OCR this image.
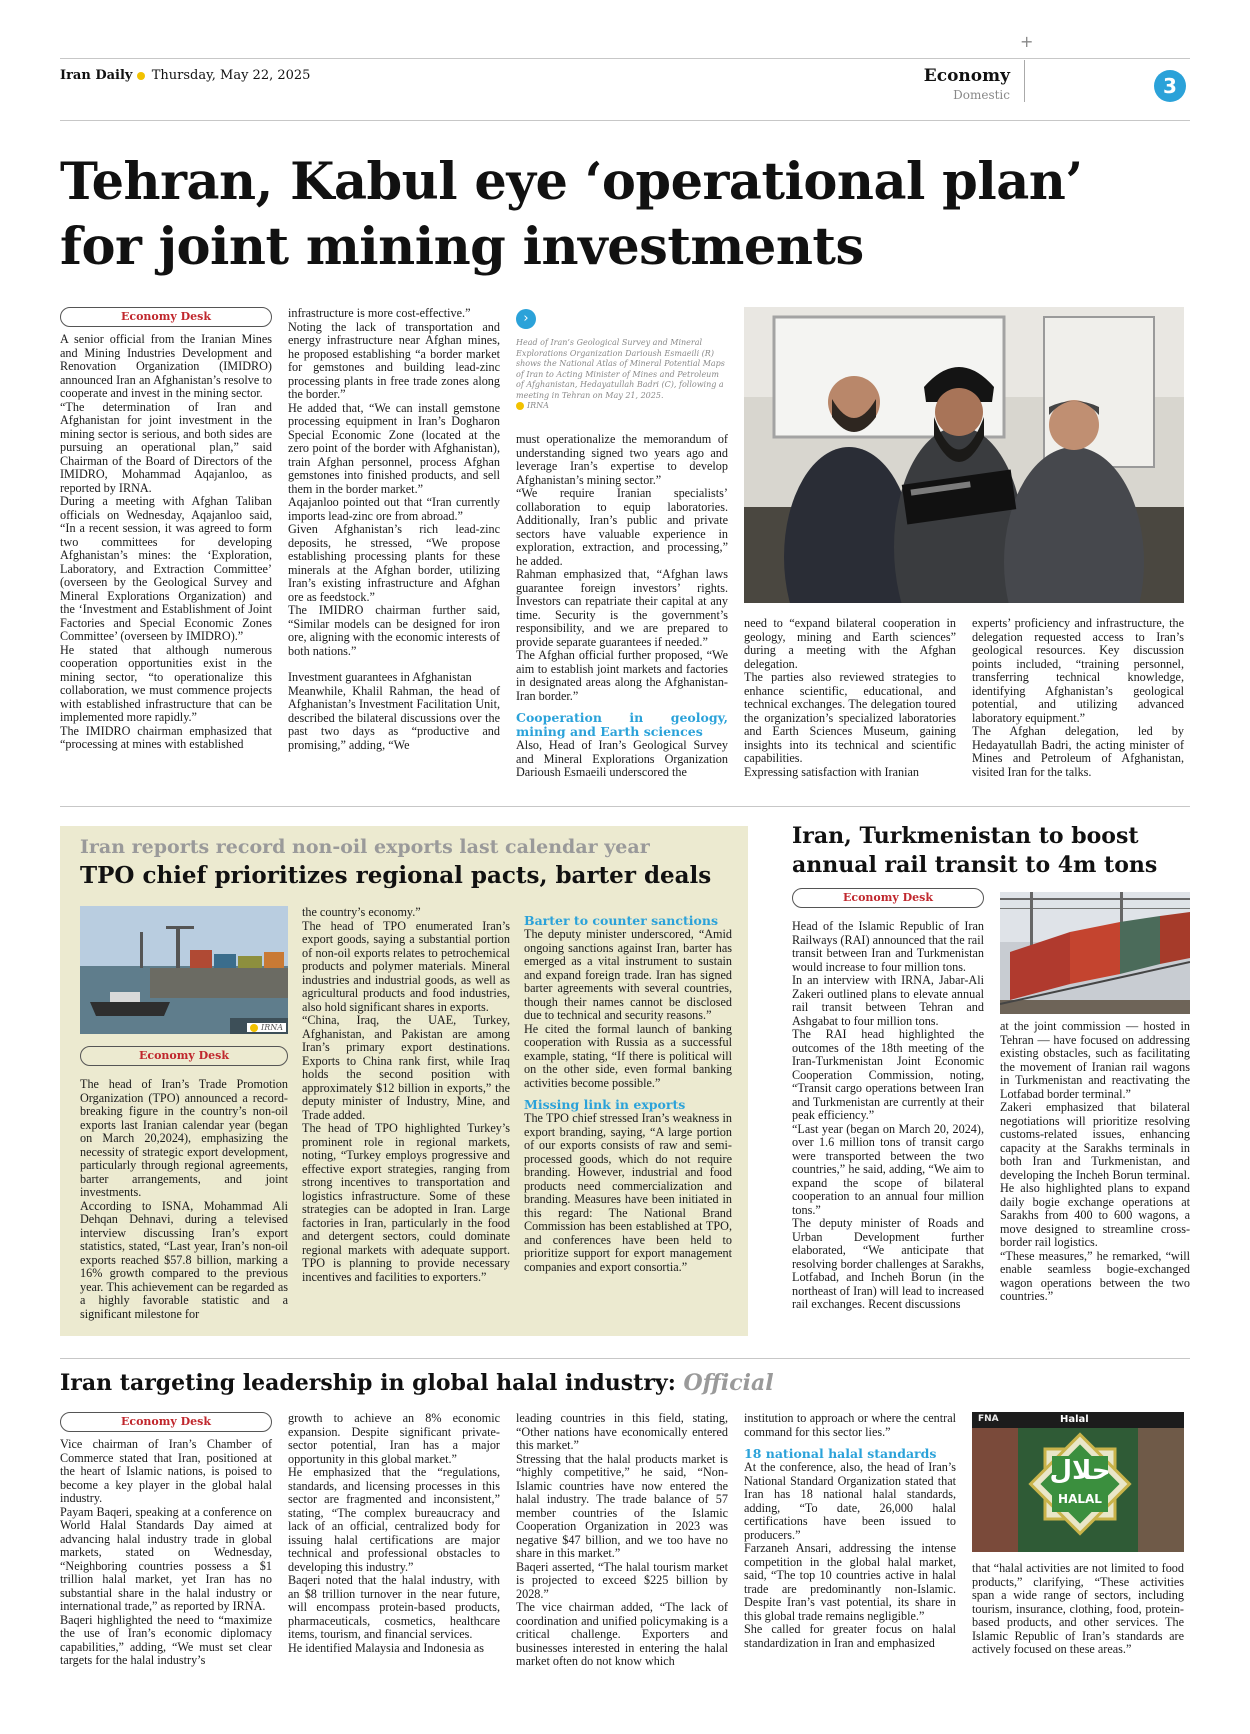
+
Iran Daily Thursday, May 22, 2025	Economy
Domestic	3
Tehran, Kabul eye ‘operational plan’
for joint mining investments
Economy Desk

A senior official from the Iranian Mines and Mining Industries Development and Renovation Organization (IMIDRO) announced Iran an Afghanistan’s resolve to cooperate and invest in the mining sector.

“The determination of Iran and Afghanistan for joint investment in the mining sector is serious, and both sides are pursuing an operational plan,” said Chairman of the Board of Directors of the IMIDRO, Mohammad Aqajanloo, as reported by IRNA.

During a meeting with Afghan Taliban officials on Wednesday, Aqajanloo said, “In a recent session, it was agreed to form two committees for developing Afghanistan’s mines: the ‘Exploration, Laboratory, and Extraction Committee’ (overseen by the Geological Survey and Mineral Explorations Organization) and the ‘Investment and Establishment of Joint Factories and Special Economic Zones Committee’ (overseen by IMIDRO).”

He stated that although numerous cooperation opportunities exist in the mining sector, “to operationalize this collaboration, we must commence projects with established infrastructure that can be implemented more rapidly.”

The IMIDRO chairman emphasized that “processing at mines with established

infrastructure is more cost-effective.”

Noting the lack of transportation and energy infrastructure near Afghan mines, he proposed establishing “a border market for gemstones and building lead-zinc processing plants in free trade zones along the border.”

He added that, “We can install gemstone processing equipment in Iran’s Dogharon Special Economic Zone (located at the zero point of the border with Afghanistan), train Afghan personnel, process Afghan gemstones into finished products, and sell them in the border market.”

Aqajanloo pointed out that “Iran currently imports lead-zinc ore from abroad.”

Given Afghanistan’s rich lead-zinc deposits, he stressed, “We propose establishing processing plants for these minerals at the Afghan border, utilizing Iran’s existing infrastructure and Afghan ore as feedstock.”

The IMIDRO chairman further said, “Similar models can be designed for iron ore, aligning with the economic interests of both nations.”

Investment guarantees in Afghanistan

Meanwhile, Khalil Rahman, the head of Afghanistan’s Investment Facilitation Unit, described the bilateral discussions over the past two days as “productive and promising,” adding, “We

›
Head of Iran’s Geological Survey and Mineral Explorations Organization Darioush Esmaeili (R) shows the National Atlas of Mineral Potential Maps of Iran to Acting Minister of Mines and Petroleum of Afghanistan, Hedayatullah Badri (C), following a meeting in Tehran on May 21, 2025.
IRNA

must operationalize the memorandum of understanding signed two years ago and leverage Iran’s expertise to develop Afghanistan’s mining sector.”

“We require Iranian specialists’ collaboration to equip laboratories. Additionally, Iran’s public and private sectors have valuable experience in exploration, extraction, and processing,” he added.

Rahman emphasized that, “Afghan laws guarantee foreign investors’ rights. Investors can repatriate their capital at any time. Security is the government’s responsibility, and we are prepared to provide separate guarantees if needed.”

The Afghan official further proposed, “We aim to establish joint markets and factories in designated areas along the Afghanistan-Iran border.”

Cooperation in geology, mining and Earth sciences

Also, Head of Iran’s Geological Survey and Mineral Explorations Organization Darioush Esmaeili underscored the

need to “expand bilateral cooperation in geology, mining and Earth sciences” during a meeting with the Afghan delegation.

The parties also reviewed strategies to enhance scientific, educational, and technical exchanges. The delegation toured the organization’s specialized laboratories and Earth Sciences Museum, gaining insights into its technical and scientific capabilities.

Expressing satisfaction with Iranian

experts’ proficiency and infrastructure, the delegation requested access to Iran’s geological resources. Key discussion points included, “training personnel, transferring technical knowledge, identifying Afghanistan’s geological potential, and utilizing advanced laboratory equipment.”

The Afghan delegation, led by Hedayatullah Badri, the acting minister of Mines and Petroleum of Afghanistan, visited Iran for the talks.

Iran reports record non-oil exports last calendar year
TPO chief prioritizes regional pacts, barter deals
IRNA
Economy Desk

The head of Iran’s Trade Promotion Organization (TPO) announced a record-breaking figure in the country’s non-oil exports last Iranian calendar year (began on March 20,2024), emphasizing the necessity of strategic export development, particularly through regional agreements, barter arrangements, and joint investments.

According to ISNA, Mohammad Ali Dehqan Dehnavi, during a televised interview discussing Iran’s export statistics, stated, “Last year, Iran’s non-oil exports reached $57.8 billion, marking a 16% growth compared to the previous year. This achievement can be regarded as a highly favorable statistic and a significant milestone for

the country’s economy.”

The head of TPO enumerated Iran’s export goods, saying a substantial portion of non-oil exports relates to petrochemical products and polymer materials. Mineral industries and industrial goods, as well as agricultural products and food industries, also hold significant shares in exports.

“China, Iraq, the UAE, Turkey, Afghanistan, and Pakistan are among Iran’s primary export destinations. Exports to China rank first, while Iraq holds the second position with approximately $12 billion in exports,” the deputy minister of Industry, Mine, and Trade added.

The head of TPO highlighted Turkey’s prominent role in regional markets, noting, “Turkey employs progressive and effective export strategies, ranging from strong incentives to transportation and logistics infrastructure. Some of these strategies can be adopted in Iran. Large factories in Iran, particularly in the food and detergent sectors, could dominate regional markets with adequate support. TPO is planning to provide necessary incentives and facilities to exporters.”

Barter to counter sanctions

The deputy minister underscored, “Amid ongoing sanctions against Iran, barter has emerged as a vital instrument to sustain and expand foreign trade. Iran has signed barter agreements with several countries, though their names cannot be disclosed due to technical and security reasons.”

He cited the formal launch of banking cooperation with Russia as a successful example, stating, “If there is political will on the other side, even formal banking activities become possible.”

Missing link in exports

The TPO chief stressed Iran’s weakness in export branding, saying, “A large portion of our exports consists of raw and semi-processed goods, which do not require branding. However, industrial and food products need commercialization and branding. Measures have been initiated in this regard: The National Brand Commission has been established at TPO, and conferences have been held to prioritize support for export management companies and export consortia.”

Iran, Turkmenistan to boost
annual rail transit to 4m tons
Economy Desk

Head of the Islamic Republic of Iran Railways (RAI) announced that the rail transit between Iran and Turkmenistan would increase to four million tons.

In an interview with IRNA, Jabar-Ali Zakeri outlined plans to elevate annual rail transit between Tehran and Ashgabat to four million tons.

The RAI head highlighted the outcomes of the 18th meeting of the Iran-Turkmenistan Joint Economic Cooperation Commission, noting, “Transit cargo operations between Iran and Turkmenistan are currently at their peak efficiency.”

“Last year (began on March 20, 2024), over 1.6 million tons of transit cargo were transported between the two countries,” he said, adding, “We aim to expand the scope of bilateral cooperation to an annual four million tons.”

The deputy minister of Roads and Urban Development further elaborated, “We anticipate that resolving border challenges at Sarakhs, Lotfabad, and Incheh Borun (in the northeast of Iran) will lead to increased rail exchanges. Recent discussions

at the joint commission — hosted in Tehran — have focused on addressing existing obstacles, such as facilitating the movement of Iranian rail wagons in Turkmenistan and reactivating the Lotfabad border terminal.”

Zakeri emphasized that bilateral negotiations will prioritize resolving customs-related issues, enhancing capacity at the Sarakhs terminals in both Iran and Turkmenistan, and developing the Incheh Borun terminal. He also highlighted plans to expand daily bogie exchange operations at Sarakhs from 400 to 600 wagons, a move designed to streamline cross-border rail logistics.

“These measures,” he remarked, “will enable seamless bogie-exchanged wagon operations between the two countries.”

Iran targeting leadership in global halal industry: Official
Economy Desk

Vice chairman of Iran’s Chamber of Commerce stated that Iran, positioned at the heart of Islamic nations, is poised to become a key player in the global halal industry.

Payam Baqeri, speaking at a conference on World Halal Standards Day aimed at advancing halal industry trade in global markets, stated on Wednesday, “Neighboring countries possess a $1 trillion halal market, yet Iran has no substantial share in the halal industry or international trade,” as reported by IRNA.

Baqeri highlighted the need to “maximize the use of Iran’s economic diplomacy capabilities,” adding, “We must set clear targets for the halal industry’s

growth to achieve an 8% economic expansion. Despite significant private-sector potential, Iran has a major opportunity in this global market.”

He emphasized that the “regulations, standards, and licensing processes in this sector are fragmented and inconsistent,” stating, “The complex bureaucracy and lack of an official, centralized body for issuing halal certifications are major technical and professional obstacles to developing this industry.”

Baqeri noted that the halal industry, with an $8 trillion turnover in the near future, will encompass protein-based products, pharmaceuticals, cosmetics, healthcare items, tourism, and financial services.

He identified Malaysia and Indonesia as

leading countries in this field, stating, “Other nations have economically entered this market.”

Stressing that the halal products market is “highly competitive,” he said, “Non-Islamic countries have now entered the halal industry. The trade balance of 57 member countries of the Islamic Cooperation Organization in 2023 was negative $47 billion, and we too have no share in this market.”

Baqeri asserted, “The halal tourism market is projected to exceed $225 billion by 2028.”

The vice chairman added, “The lack of coordination and unified policymaking is a critical challenge. Exporters and businesses interested in entering the halal market often do not know which

institution to approach or where the central command for this sector lies.”

18 national halal standards

At the conference, also, the head of Iran’s National Standard Organization stated that Iran has 18 national halal standards, adding, “To date, 26,000 halal certifications have been issued to producers.”

Farzaneh Ansari, addressing the intense competition in the global halal market, said, “The top 10 countries active in halal trade are predominantly non-Islamic. Despite Iran’s vast potential, its share in this global trade remains negligible.”

She called for greater focus on halal standardization in Iran and emphasized

FNA	Halal
حلال
HALAL

that “halal activities are not limited to food products,” clarifying, “These activities span a wide range of sectors, including tourism, insurance, clothing, food, protein-based products, and other services. The Islamic Republic of Iran’s standards are actively focused on these areas.”
